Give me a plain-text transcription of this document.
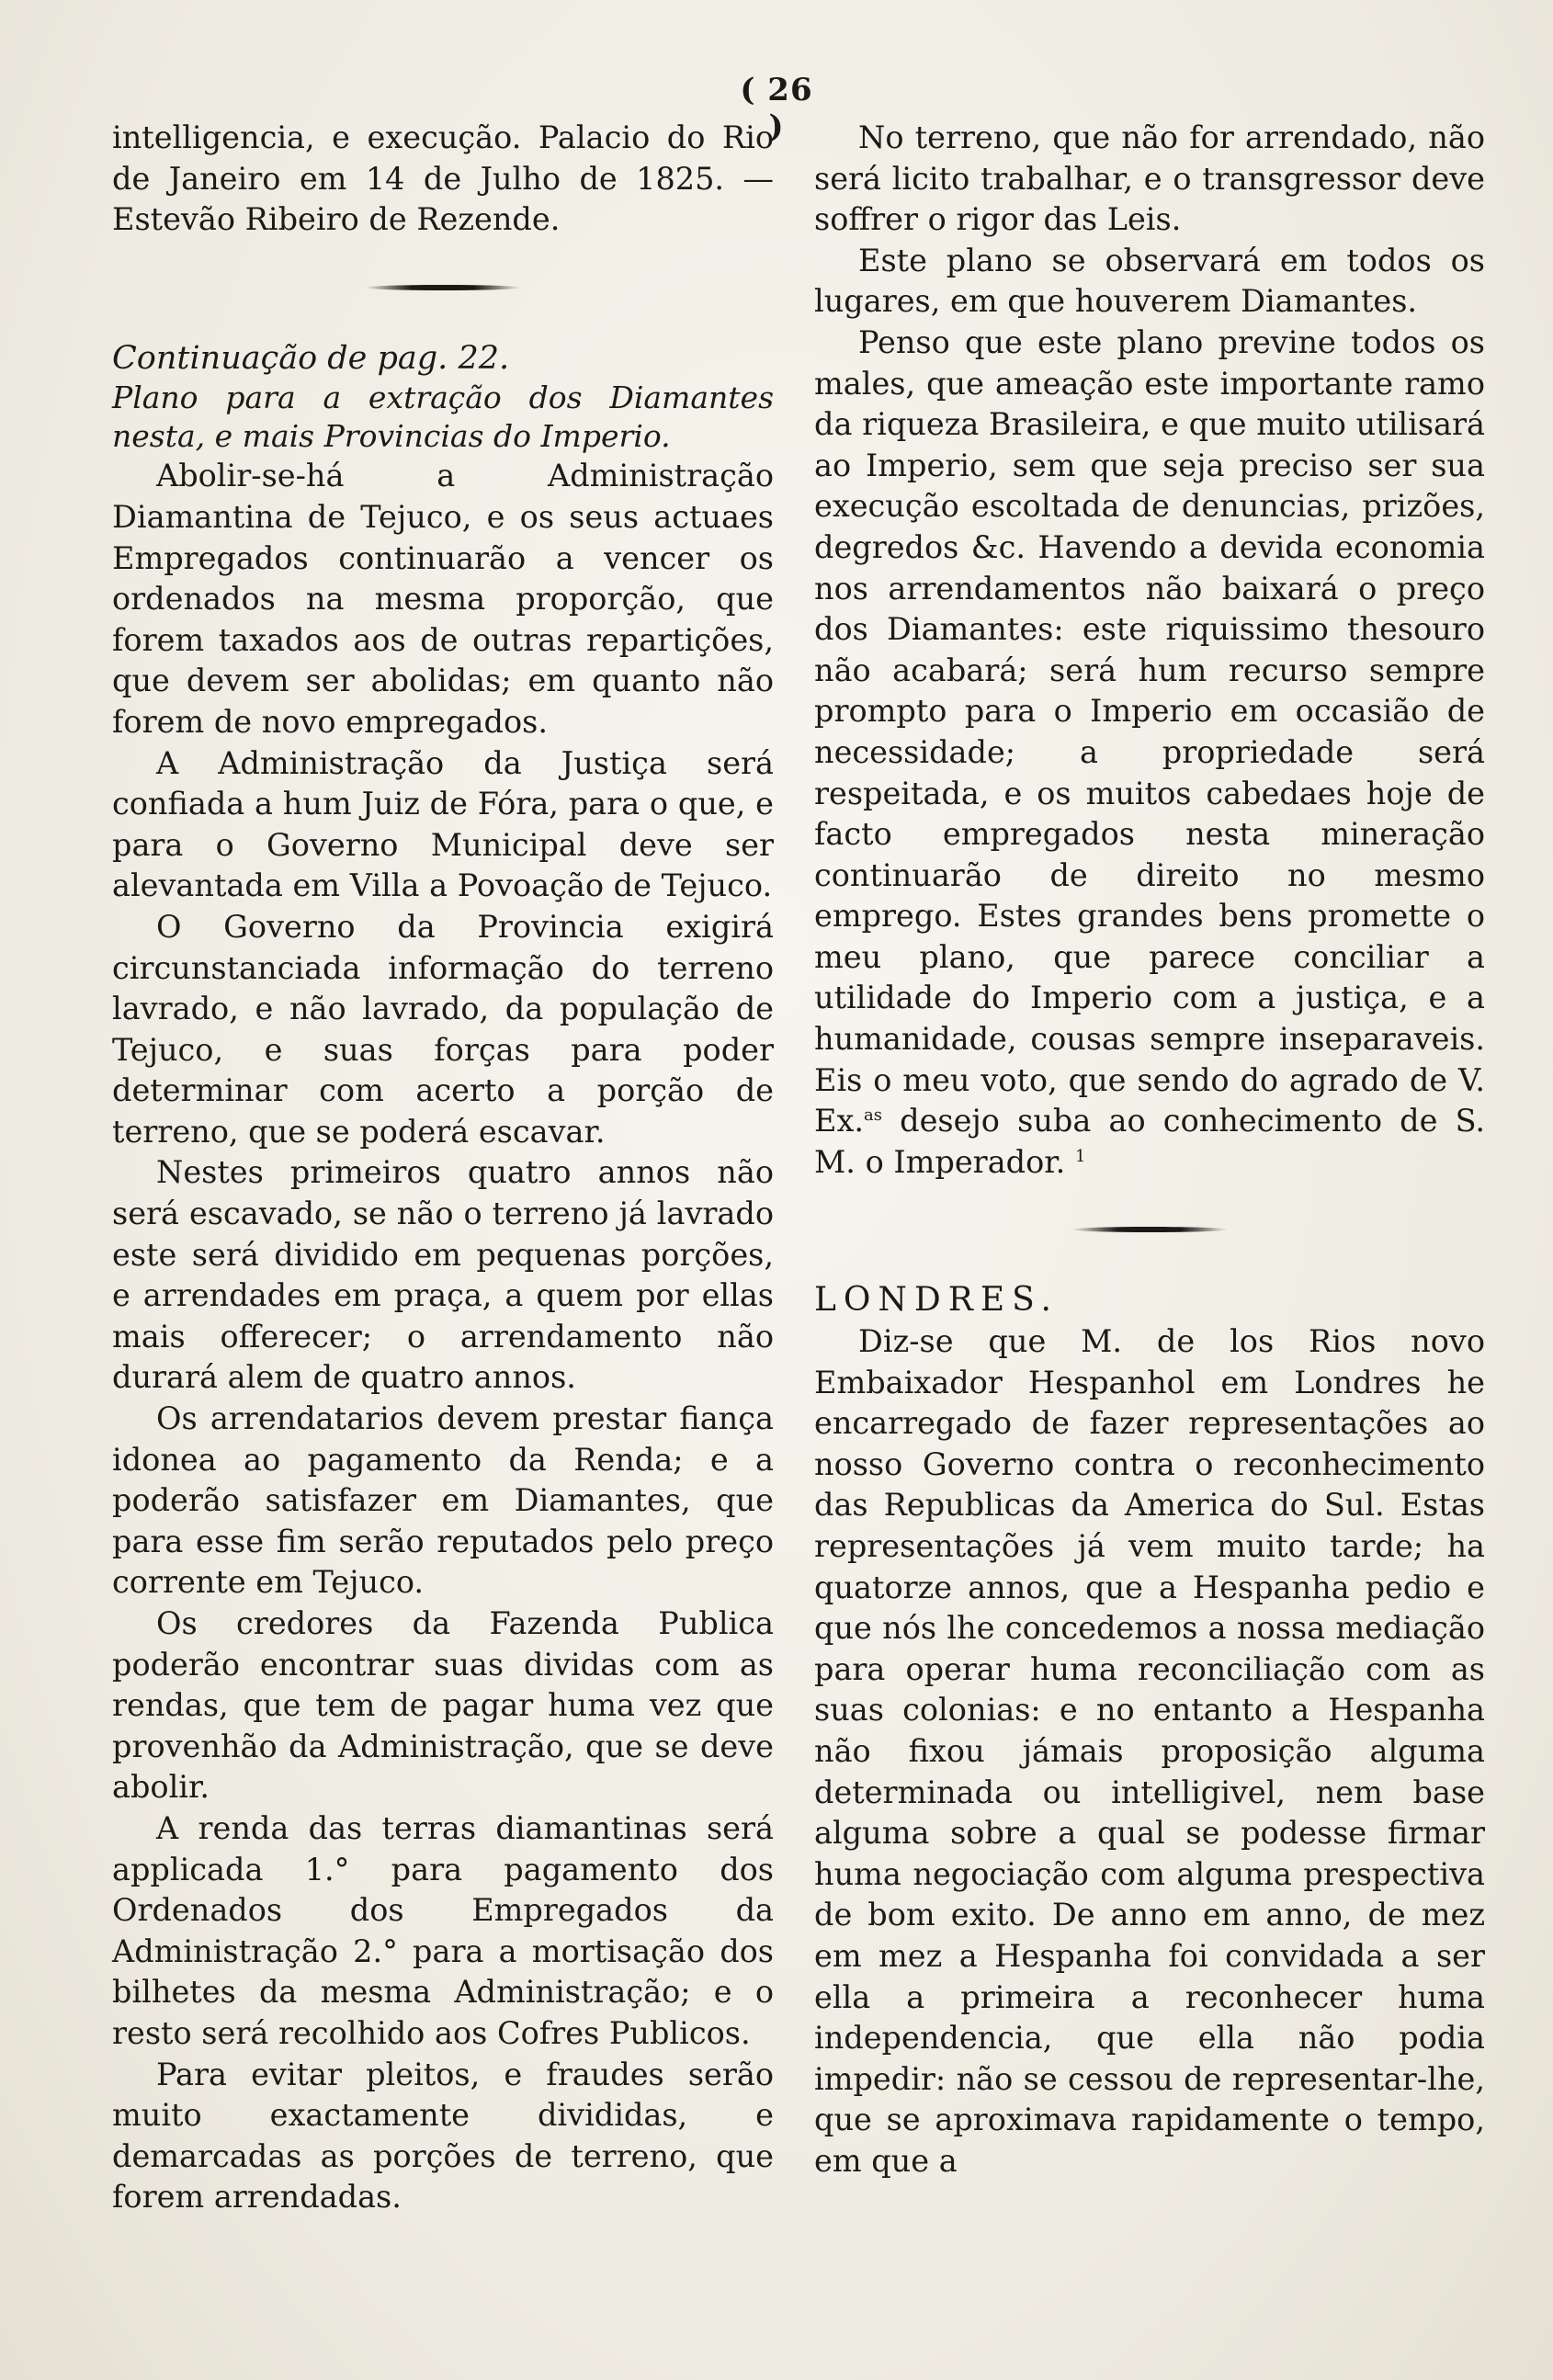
( 26 )

intelligencia, e execução. Palacio do Rio de Janeiro em 14 de Julho de 1825. — Estevão Ribeiro de Rezende.

Continuação de pag. 22.

Plano para a extração dos Diamantes nesta, e mais Provincias do Imperio.

Abolir-se-há a Administração Diamantina de Tejuco, e os seus actuaes Empregados continuarão a vencer os ordenados na mesma proporção, que forem taxados aos de outras repartições, que devem ser abolidas; em quanto não forem de novo empregados.

A Administração da Justiça será confiada a hum Juiz de Fóra, para o que, e para o Governo Municipal deve ser alevantada em Villa a Povoação de Tejuco.

O Governo da Provincia exigirá circunstanciada informação do terreno lavrado, e não lavrado, da população de Tejuco, e suas forças para poder determinar com acerto a porção de terreno, que se poderá escavar.

Nestes primeiros quatro annos não será escavado, se não o terreno já lavrado este será dividido em pequenas porções, e arrendades em praça, a quem por ellas mais offerecer; o arrendamento não durará alem de quatro annos.

Os arrendatarios devem prestar fiança idonea ao pagamento da Renda; e a poderão satisfazer em Diamantes, que para esse fim serão reputados pelo preço corrente em Tejuco.

Os credores da Fazenda Publica poderão encontrar suas dividas com as rendas, que tem de pagar huma vez que provenhão da Administração, que se deve abolir.

A renda das terras diamantinas será applicada 1.° para pagamento dos Ordenados dos Empregados da Administração 2.° para a mortisação dos bilhetes da mesma Administração; e o resto será recolhido aos Cofres Publicos.

Para evitar pleitos, e fraudes serão muito exactamente divididas, e demarcadas as porções de terreno, que forem arrendadas.

No terreno, que não for arrendado, não será licito trabalhar, e o transgressor deve soffrer o rigor das Leis.

Este plano se observará em todos os lugares, em que houverem Diamantes.

Penso que este plano previne todos os males, que ameação este importante ramo da riqueza Brasileira, e que muito utilisará ao Imperio, sem que seja preciso ser sua execução escoltada de denuncias, prizões, degredos &c. Havendo a devida economia nos arrendamentos não baixará o preço dos Diamantes: este riquissimo thesouro não acabará; será hum recurso sempre prompto para o Imperio em occasião de necessidade; a propriedade será respeitada, e os muitos cabedaes hoje de facto empregados nesta mineração continuarão de direito no mesmo emprego. Estes grandes bens promette o meu plano, que parece conciliar a utilidade do Imperio com a justiça, e a humanidade, cousas sempre inseparaveis. Eis o meu voto, que sendo do agrado de V. Ex.$^{as}$ desejo suba ao conhecimento de S. M. o Imperador. $^1$

LONDRES.

Diz-se que M. de los Rios novo Embaixador Hespanhol em Londres he encarregado de fazer representações ao nosso Governo contra o reconhecimento das Republicas da America do Sul. Estas representações já vem muito tarde; ha quatorze annos, que a Hespanha pedio e que nós lhe concedemos a nossa mediação para operar huma reconciliação com as suas colonias: e no entanto a Hespanha não fixou jámais proposição alguma determinada ou intelligivel, nem base alguma sobre a qual se podesse firmar huma negociação com alguma prespectiva de bom exito. De anno em anno, de mez em mez a Hespanha foi convidada a ser ella a primeira a reconhecer huma independencia, que ella não podia impedir: não se cessou de representar-lhe, que se aproximava rapidamente o tempo, em que a
